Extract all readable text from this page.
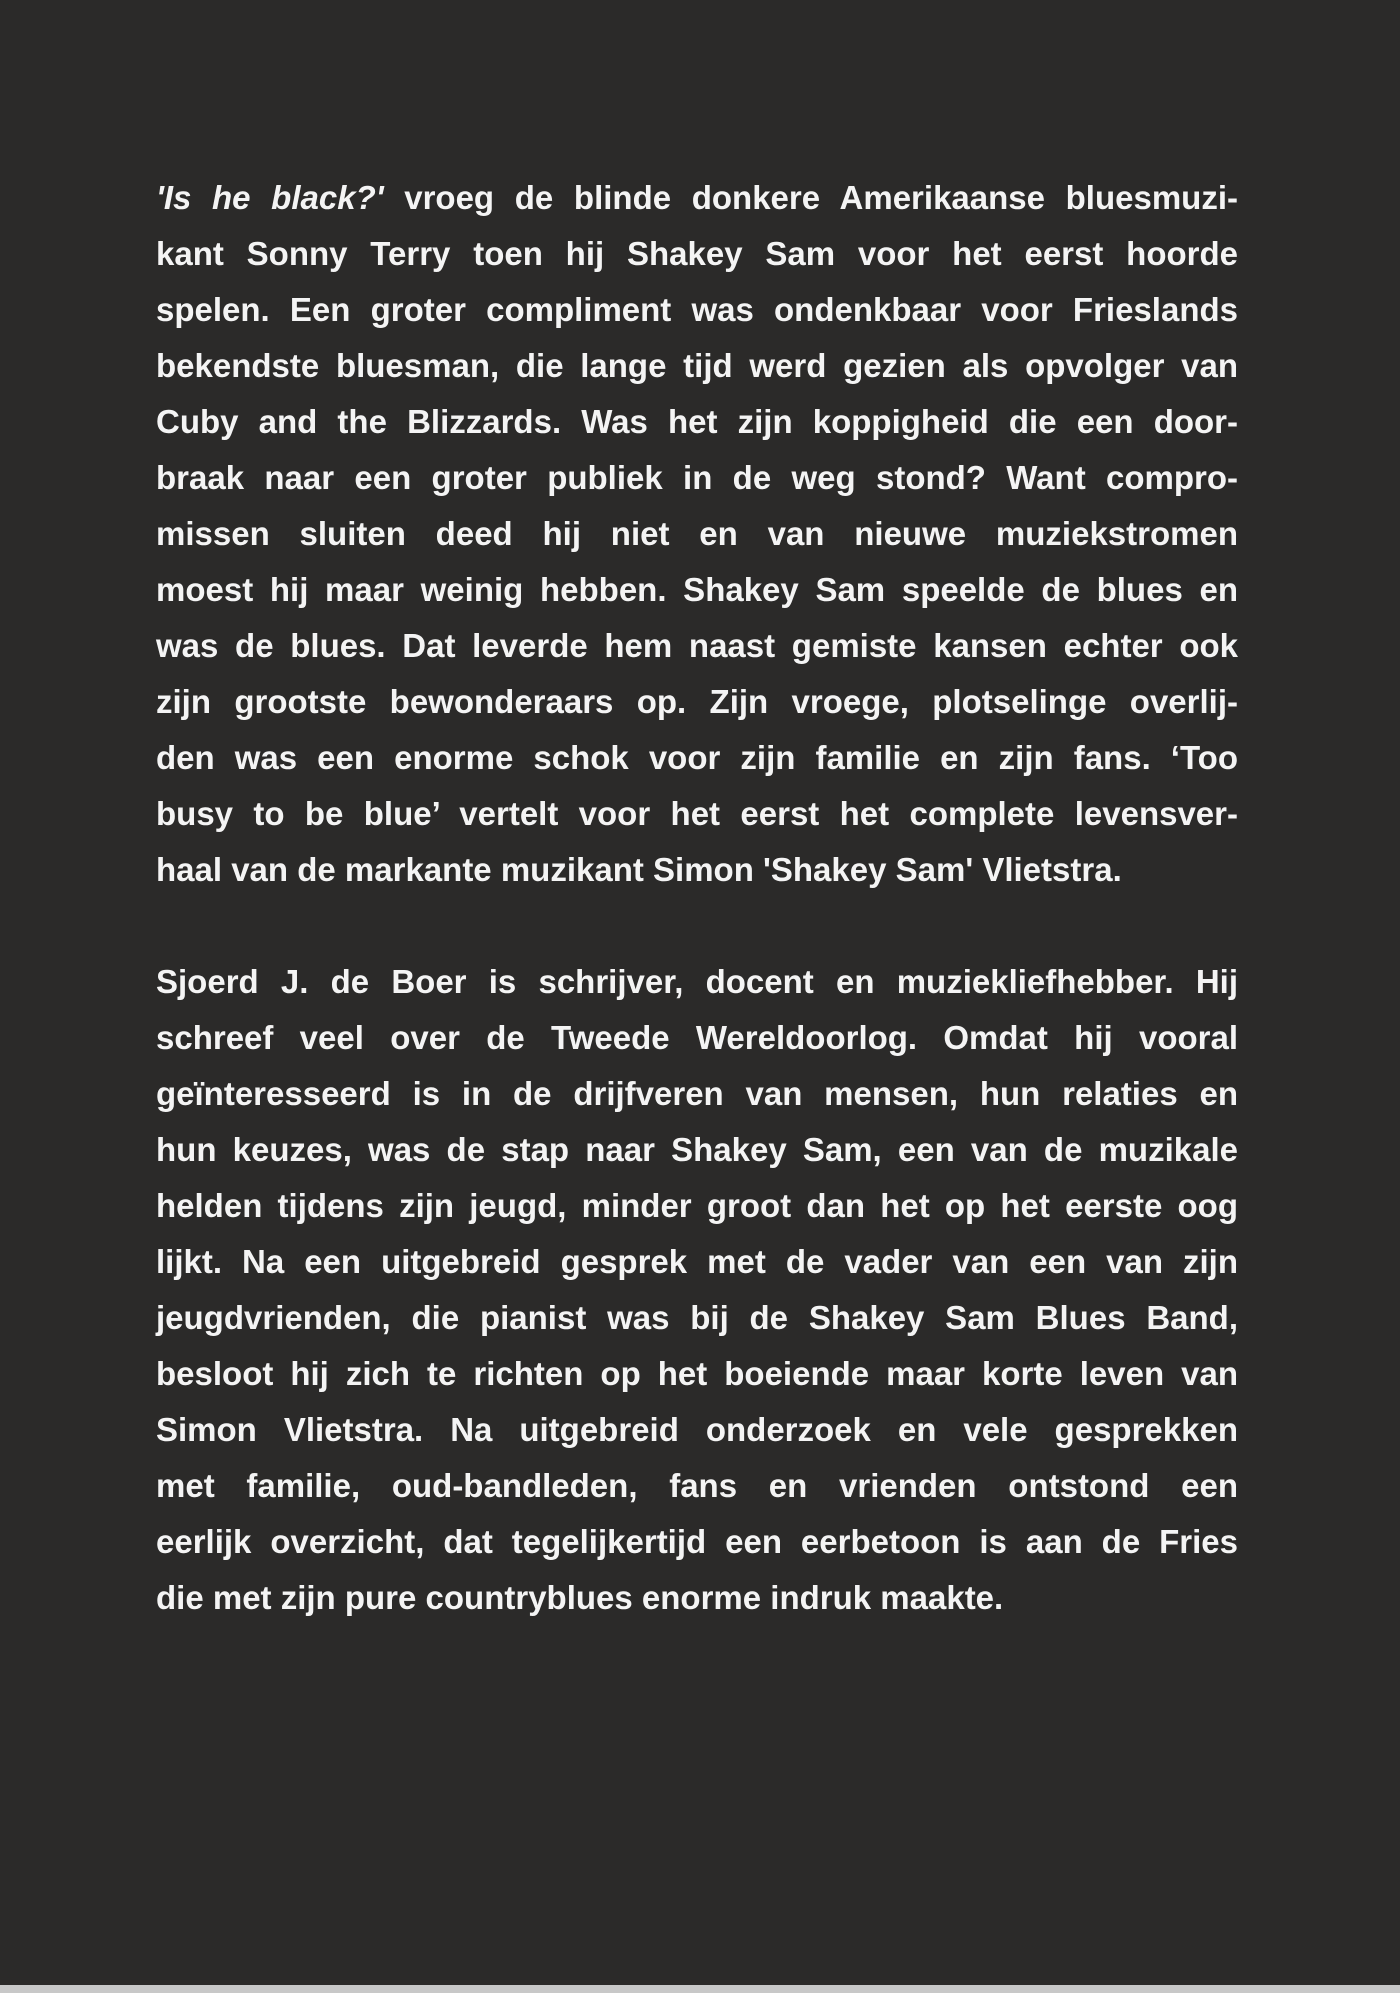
'Is he black?' vroeg de blinde donkere Amerikaanse bluesmuzi-
kant Sonny Terry toen hij Shakey Sam voor het eerst hoorde
spelen. Een groter compliment was ondenkbaar voor Frieslands
bekendste bluesman, die lange tijd werd gezien als opvolger van
Cuby and the Blizzards. Was het zijn koppigheid die een door-
braak naar een groter publiek in de weg stond? Want compro-
missen sluiten deed hij niet en van nieuwe muziekstromen
moest hij maar weinig hebben. Shakey Sam speelde de blues en
was de blues. Dat leverde hem naast gemiste kansen echter ook
zijn grootste bewonderaars op. Zijn vroege, plotselinge overlij-
den was een enorme schok voor zijn familie en zijn fans. ‘Too
busy to be blue’ vertelt voor het eerst het complete levensver-
haal van de markante muzikant Simon 'Shakey Sam' Vlietstra.
Sjoerd J. de Boer is schrijver, docent en muziekliefhebber. Hij
schreef veel over de Tweede Wereldoorlog. Omdat hij vooral
geïnteresseerd is in de drijfveren van mensen, hun relaties en
hun keuzes, was de stap naar Shakey Sam, een van de muzikale
helden tijdens zijn jeugd, minder groot dan het op het eerste oog
lijkt. Na een uitgebreid gesprek met de vader van een van zijn
jeugdvrienden, die pianist was bij de Shakey Sam Blues Band,
besloot hij zich te richten op het boeiende maar korte leven van
Simon Vlietstra. Na uitgebreid onderzoek en vele gesprekken
met familie, oud-bandleden, fans en vrienden ontstond een
eerlijk overzicht, dat tegelijkertijd een eerbetoon is aan de Fries
die met zijn pure countryblues enorme indruk maakte.
